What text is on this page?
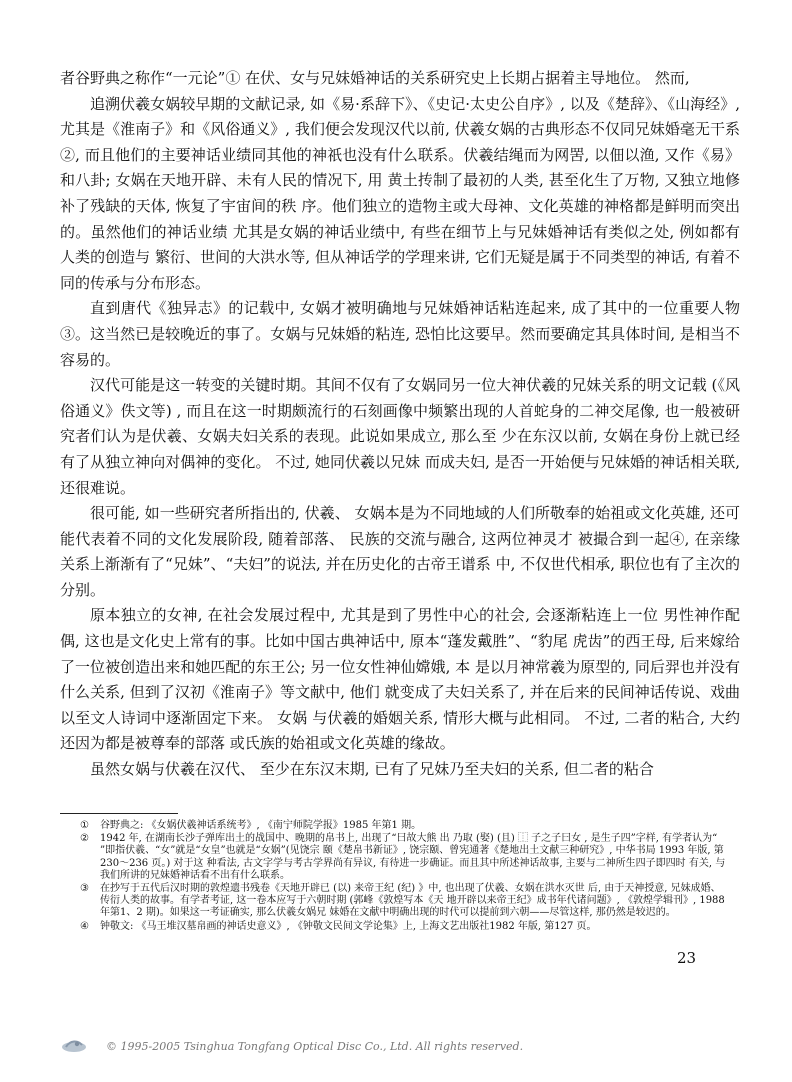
者谷野典之称作“一元论”① 在伏、女与兄妹婚神话的关系研究史上长期占据着主导地位。 然而,

追溯伏羲女娲较早期的文献记录, 如《易·系辞下》、《史记·太史公自序》, 以及《楚辞》、《山海经》, 尤其是《淮南子》和《风俗通义》, 我们便会发现汉代以前, 伏羲女娲的古典形态不仅同兄妹婚毫无干系②, 而且他们的主要神话业绩同其他的神祇也没有什么联系。伏羲结绳而为网罟, 以佃以渔, 又作《易》和八卦; 女娲在天地开辟、未有人民的情况下, 用 黄土抟制了最初的人类, 甚至化生了万物, 又独立地修补了残缺的天体, 恢复了宇宙间的秩 序。他们独立的造物主或大母神、文化英雄的神格都是鲜明而突出的。虽然他们的神话业绩 尤其是女娲的神话业绩中, 有些在细节上与兄妹婚神话有类似之处, 例如都有人类的创造与 繁衍、世间的大洪水等, 但从神话学的学理来讲, 它们无疑是属于不同类型的神话, 有着不 同的传承与分布形态。

直到唐代《独异志》的记载中, 女娲才被明确地与兄妹婚神话粘连起来, 成了其中的一位重要人物③。这当然已是较晚近的事了。女娲与兄妹婚的粘连, 恐怕比这要早。然而要确定其具体时间, 是相当不容易的。

汉代可能是这一转变的关键时期。其间不仅有了女娲同另一位大神伏羲的兄妹关系的明文记载 (《风俗通义》佚文等) , 而且在这一时期颇流行的石刻画像中频繁出现的人首蛇身的二神交尾像, 也一般被研究者们认为是伏羲、女娲夫妇关系的表现。此说如果成立, 那么至 少在东汉以前, 女娲在身份上就已经有了从独立神向对偶神的变化。 不过, 她同伏羲以兄妹 而成夫妇, 是否一开始便与兄妹婚的神话相关联, 还很难说。

很可能, 如一些研究者所指出的, 伏羲、 女娲本是为不同地域的人们所敬奉的始祖或文化英雄, 还可能代表着不同的文化发展阶段, 随着部落、 民族的交流与融合, 这两位神灵才 被撮合到一起④, 在亲缘关系上渐渐有了“兄妹”、“夫妇”的说法, 并在历史化的古帝王谱系 中, 不仅世代相承, 职位也有了主次的分别。

原本独立的女神, 在社会发展过程中, 尤其是到了男性中心的社会, 会逐渐粘连上一位 男性神作配偶, 这也是文化史上常有的事。比如中国古典神话中, 原本“蓬发戴胜”、“豹尾 虎齿”的西王母, 后来嫁给了一位被创造出来和她匹配的东王公; 另一位女性神仙嫦娥, 本 是以月神常羲为原型的, 同后羿也并没有什么关系, 但到了汉初《淮南子》等文献中, 他们 就变成了夫妇关系了, 并在后来的民间神话传说、戏曲以至文人诗词中逐渐固定下来。 女娲 与伏羲的婚姻关系, 情形大概与此相同。 不过, 二者的粘合, 大约还因为都是被尊奉的部落 或氏族的始祖或文化英雄的缘故。

虽然女娲与伏羲在汉代、 至少在东汉末期, 已有了兄妹乃至夫妇的关系, 但二者的粘合

① 谷野典之: 《女娲伏羲神话系统考》, 《南宁师院学报》1985 年第1 期。
② 1942 年, 在湖南长沙子弹库出土的战国中、晚期的帛书上, 出现了“曰故大熊 出 乃取 (娶) (且) ⿰ 子之子曰女 , 是生子四”字样, 有学者认为“ ”即指伏羲、“女”就是“女皇”也就是“女娲”(见饶宗 颐《楚帛书新证》, 饶宗颐、曾宪通著《楚地出土文献三种研究》, 中华书局 1993 年版, 第230～236 页。) 对于这 种看法, 古文字学与考古学界尚有异议, 有待进一步确证。而且其中所述神话故事, 主要与二神所生四子即四时 有关, 与我们所讲的兄妹婚神话看不出有什么联系。
③ 在抄写于五代后汉时期的敦煌遗书残卷《天地开辟已 (以) 来帝王纪 (纪) 》中, 也出现了伏羲、女娲在洪水灭世 后, 由于天神授意, 兄妹成婚、传衍人类的故事。有学者考证, 这一卷本应写于六朝时期 (郭峰《敦煌写本《天 地开辟以来帝王纪》成书年代诸问题》, 《敦煌学辑刊》, 1988 年第1、2 期)。如果这一考证确实, 那么伏羲女娲兄 妹婚在文献中明确出现的时代可以提前到六朝——尽管这样, 那仍然是较迟的。
④ 钟敬文: 《马王堆汉墓帛画的神话史意义》, 《钟敬文民间文学论集》上, 上海文艺出版社1982 年版, 第127 页。
23
© 1995-2005 Tsinghua Tongfang Optical Disc Co., Ltd. All rights reserved.
